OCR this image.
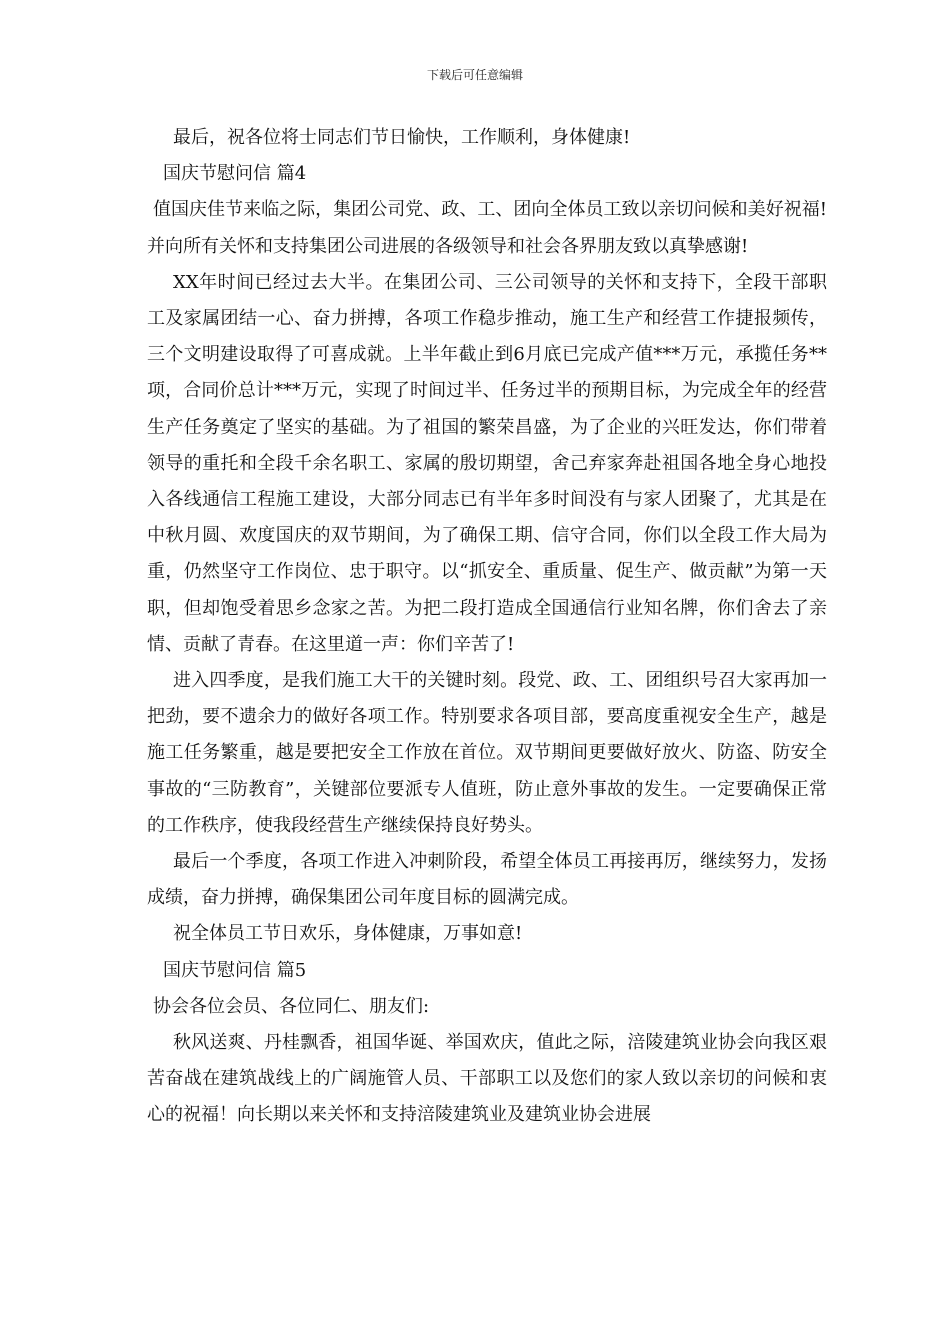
下载后可任意编辑
最后，祝各位将士同志们节日愉快，工作顺利，身体健康!
国庆节慰问信 篇4
值国庆佳节来临之际，集团公司党、政、工、团向全体员工致以亲切问候和美好祝福!并向所有关怀和支持集团公司进展的各级领导和社会各界朋友致以真挚感谢!
XX年时间已经过去大半。在集团公司、三公司领导的关怀和支持下，全段干部职工及家属团结一心、奋力拼搏，各项工作稳步推动，施工生产和经营工作捷报频传，三个文明建设取得了可喜成就。上半年截止到6月底已完成产值***万元，承揽任务**项，合同价总计***万元，实现了时间过半、任务过半的预期目标，为完成全年的经营生产任务奠定了坚实的基础。为了祖国的繁荣昌盛，为了企业的兴旺发达，你们带着领导的重托和全段千余名职工、家属的殷切期望，舍己弃家奔赴祖国各地全身心地投入各线通信工程施工建设，大部分同志已有半年多时间没有与家人团聚了，尤其是在中秋月圆、欢度国庆的双节期间，为了确保工期、信守合同，你们以全段工作大局为重，仍然坚守工作岗位、忠于职守。以“抓安全、重质量、促生产、做贡献”为第一天职，但却饱受着思乡念家之苦。为把二段打造成全国通信行业知名牌，你们舍去了亲情、贡献了青春。在这里道一声：你们辛苦了!
进入四季度，是我们施工大干的关键时刻。段党、政、工、团组织号召大家再加一把劲，要不遗余力的做好各项工作。特别要求各项目部，要高度重视安全生产，越是施工任务繁重，越是要把安全工作放在首位。双节期间更要做好放火、防盗、防安全事故的“三防教育”，关键部位要派专人值班，防止意外事故的发生。一定要确保正常的工作秩序，使我段经营生产继续保持良好势头。
最后一个季度，各项工作进入冲刺阶段，希望全体员工再接再厉，继续努力，发扬成绩，奋力拼搏，确保集团公司年度目标的圆满完成。
祝全体员工节日欢乐，身体健康，万事如意!
国庆节慰问信 篇5
协会各位会员、各位同仁、朋友们:
秋风送爽、丹桂飘香，祖国华诞、举国欢庆，值此之际，涪陵建筑业协会向我区艰苦奋战在建筑战线上的广阔施管人员、干部职工以及您们的家人致以亲切的问候和衷心的祝福！向长期以来关怀和支持涪陵建筑业及建筑业协会进展
